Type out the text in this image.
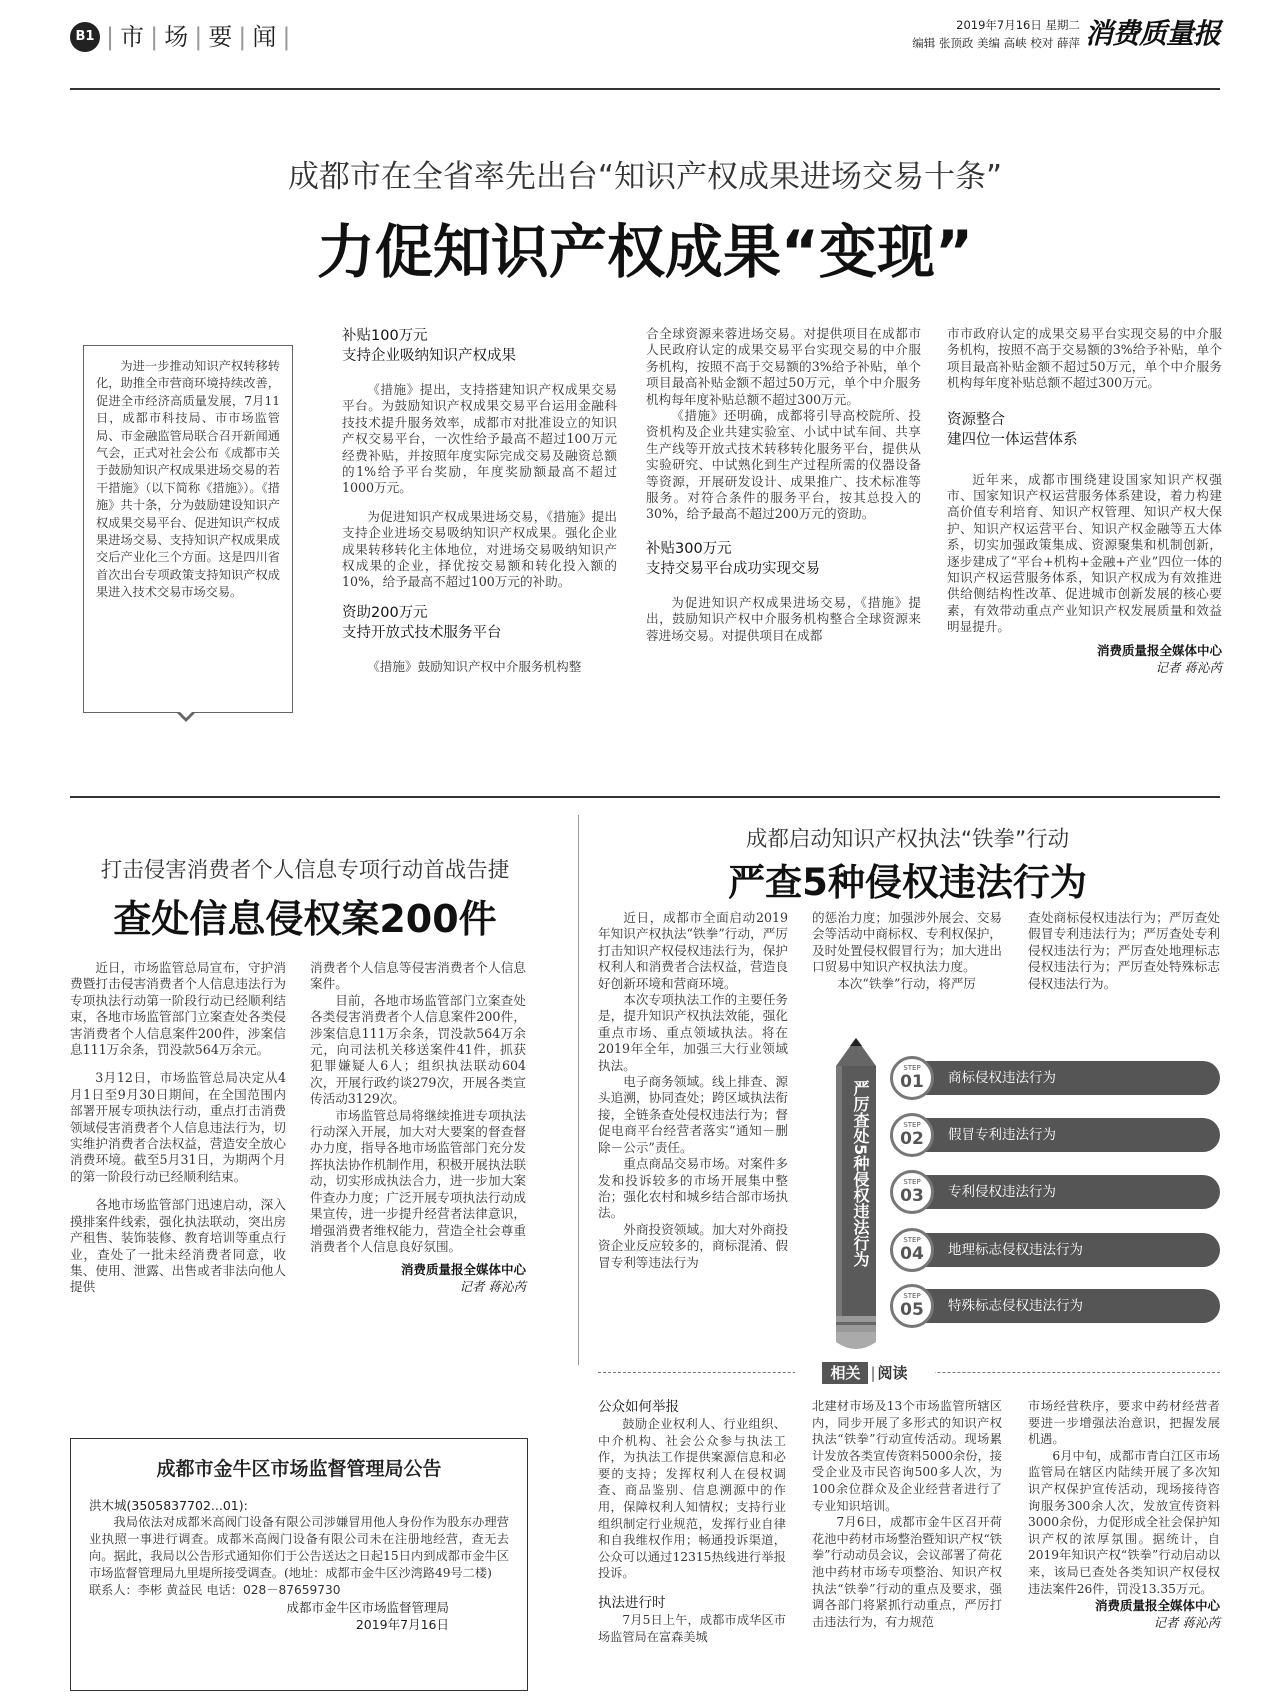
B1 | 市 | 场 | 要 | 闻 |	2019年7月16日 星期二
编辑 张顶政 美编 高峡 校对 薛萍 消费质量报
成都市在全省率先出台“知识产权成果进场交易十条”
力促知识产权成果“变现”
为进一步推动知识产权转移转化，助推全市营商环境持续改善，促进全市经济高质量发展，7月11日，成都市科技局、市市场监管局、市金融监管局联合召开新闻通气会，正式对社会公布《成都市关于鼓励知识产权成果进场交易的若干措施》（以下简称《措施》）。《措施》共十条，分为鼓励建设知识产权成果交易平台、促进知识产权成果进场交易、支持知识产权成果成交后产业化三个方面。这是四川省首次出台专项政策支持知识产权成果进入技术交易市场交易。
补贴100万元
支持企业吸纳知识产权成果

《措施》提出，支持搭建知识产权成果交易平台。为鼓励知识产权成果交易平台运用金融科技技术提升服务效率，成都市对批准设立的知识产权交易平台，一次性给予最高不超过100万元经费补贴，并按照年度实际完成交易及融资总额的1%给予平台奖励，年度奖励额最高不超过1000万元。

为促进知识产权成果进场交易，《措施》提出支持企业进场交易吸纳知识产权成果。强化企业成果转移转化主体地位，对进场交易吸纳知识产权成果的企业，择优按交易额和转化投入额的10%，给予最高不超过100万元的补助。

资助200万元
支持开放式技术服务平台

《措施》鼓励知识产权中介服务机构整

合全球资源来蓉进场交易。对提供项目在成都市人民政府认定的成果交易平台实现交易的中介服务机构，按照不高于交易额的3%给予补贴，单个项目最高补贴金额不超过50万元，单个中介服务机构每年度补贴总额不超过300万元。

《措施》还明确，成都将引导高校院所、投资机构及企业共建实验室、小试中试车间、共享生产线等开放式技术转移转化服务平台，提供从实验研究、中试熟化到生产过程所需的仪器设备等资源，开展研发设计、成果推广、技术标准等服务。对符合条件的服务平台，按其总投入的30%，给予最高不超过200万元的资助。

补贴300万元
支持交易平台成功实现交易

为促进知识产权成果进场交易，《措施》提出，鼓励知识产权中介服务机构整合全球资源来蓉进场交易。对提供项目在成都

市市政府认定的成果交易平台实现交易的中介服务机构，按照不高于交易额的3%给予补贴，单个项目最高补贴金额不超过50万元，单个中介服务机构每年度补贴总额不超过300万元。

资源整合
建四位一体运营体系

近年来，成都市围绕建设国家知识产权强市、国家知识产权运营服务体系建设，着力构建高价值专利培育、知识产权管理、知识产权大保护、知识产权运营平台、知识产权金融等五大体系，切实加强政策集成、资源聚集和机制创新，逐步建成了“平台+机构+金融+产业”四位一体的知识产权运营服务体系，知识产权成为有效推进供给侧结构性改革、促进城市创新发展的核心要素，有效带动重点产业知识产权发展质量和效益明显提升。

消费质量报全媒体中心
记者 蒋沁芮
打击侵害消费者个人信息专项行动首战告捷
查处信息侵权案200件

近日，市场监管总局宣布，守护消费暨打击侵害消费者个人信息违法行为专项执法行动第一阶段行动已经顺利结束，各地市场监管部门立案查处各类侵害消费者个人信息案件200件，涉案信息111万余条，罚没款564万余元。

3月12日，市场监管总局决定从4月1日至9月30日期间，在全国范围内部署开展专项执法行动，重点打击消费领域侵害消费者个人信息违法行为，切实维护消费者合法权益，营造安全放心消费环境。截至5月31日，为期两个月的第一阶段行动已经顺利结束。

各地市场监管部门迅速启动，深入摸排案件线索，强化执法联动，突出房产租售、装饰装修、教育培训等重点行业，查处了一批未经消费者同意，收集、使用、泄露、出售或者非法向他人提供

消费者个人信息等侵害消费者个人信息案件。

目前，各地市场监管部门立案查处各类侵害消费者个人信息案件200件，涉案信息111万余条，罚没款564万余元，向司法机关移送案件41件，抓获犯罪嫌疑人6人；组织执法联动604次，开展行政约谈279次，开展各类宣传活动3129次。

市场监管总局将继续推进专项执法行动深入开展，加大对大要案的督查督办力度，指导各地市场监管部门充分发挥执法协作机制作用，积极开展执法联动，切实形成执法合力，进一步加大案件查办力度；广泛开展专项执法行动成果宣传，进一步提升经营者法律意识，增强消费者维权能力，营造全社会尊重消费者个人信息良好氛围。

消费质量报全媒体中心
记者 蒋沁芮
成都市金牛区市场监督管理局公告
洪木城(3505837702...01):
我局依法对成都米高阀门设备有限公司涉嫌冒用他人身份作为股东办理营业执照一事进行调查。成都米高阀门设备有限公司未在注册地经营，查无去向。据此，我局以公告形式通知你们于公告送达之日起15日内到成都市金牛区市场监督管理局九里堤所接受调查。(地址：成都市金牛区沙湾路49号二楼)
联系人：李彬 黄益民 电话：028－87659730
成都市金牛区市场监督管理局
2019年7月16日
成都启动知识产权执法“铁拳”行动
严查5种侵权违法行为

近日，成都市全面启动2019年知识产权执法“铁拳”行动，严厉打击知识产权侵权违法行为，保护权利人和消费者合法权益，营造良好创新环境和营商环境。

本次专项执法工作的主要任务是，提升知识产权执法效能，强化重点市场、重点领域执法。将在2019年全年，加强三大行业领域执法。

电子商务领域。线上排查、源头追溯，协同查处；跨区域执法衔接，全链条查处侵权违法行为；督促电商平台经营者落实“通知－删除－公示”责任。

重点商品交易市场。对案件多发和投诉较多的市场开展集中整治；强化农村和城乡结合部市场执法。

外商投资领域。加大对外商投资企业反应较多的，商标混淆、假冒专利等违法行为

的惩治力度；加强涉外展会、交易会等活动中商标权、专利权保护，及时处置侵权假冒行为；加大进出口贸易中知识产权执法力度。

本次“铁拳”行动，将严厉

查处商标侵权违法行为；严厉查处假冒专利违法行为；严厉查处专利侵权违法行为；严厉查处地理标志侵权违法行为；严厉查处特殊标志侵权违法行为。

严厉查处5种侵权违法行为
商标侵权违法行为
STEP
01
假冒专利违法行为
STEP
02
专利侵权违法行为
STEP
03
地理标志侵权违法行为
STEP
04
特殊标志侵权违法行为
STEP
05
相关 | 阅读
公众如何举报

鼓励企业权利人、行业组织、中介机构、社会公众参与执法工作，为执法工作提供案源信息和必要的支持；发挥权利人在侵权调查、商品鉴别、信息溯源中的作用，保障权利人知情权；支持行业组织制定行业规范，发挥行业自律和自我维权作用；畅通投诉渠道，公众可以通过12315热线进行举报投诉。

执法进行时

7月5日上午，成都市成华区市场监管局在富森美城

北建材市场及13个市场监管所辖区内，同步开展了多形式的知识产权执法“铁拳”行动宣传活动。现场累计发放各类宣传资料5000余份，接受企业及市民咨询500多人次，为100余位群众及企业经营者进行了专业知识培训。

7月6日，成都市金牛区召开荷花池中药材市场整治暨知识产权“铁拳”行动动员会议，会议部署了荷花池中药材市场专项整治、知识产权执法“铁拳”行动的重点及要求，强调各部门将紧抓行动重点，严厉打击违法行为，有力规范

市场经营秩序，要求中药材经营者要进一步增强法治意识，把握发展机遇。

6月中旬，成都市青白江区市场监管局在辖区内陆续开展了多次知识产权保护宣传活动，现场接待咨询服务300余人次，发放宣传资料3000余份，力促形成全社会保护知识产权的浓厚氛围。据统计，自2019年知识产权“铁拳”行动启动以来，该局已查处各类知识产权侵权违法案件26件，罚没13.35万元。

消费质量报全媒体中心
记者 蒋沁芮
